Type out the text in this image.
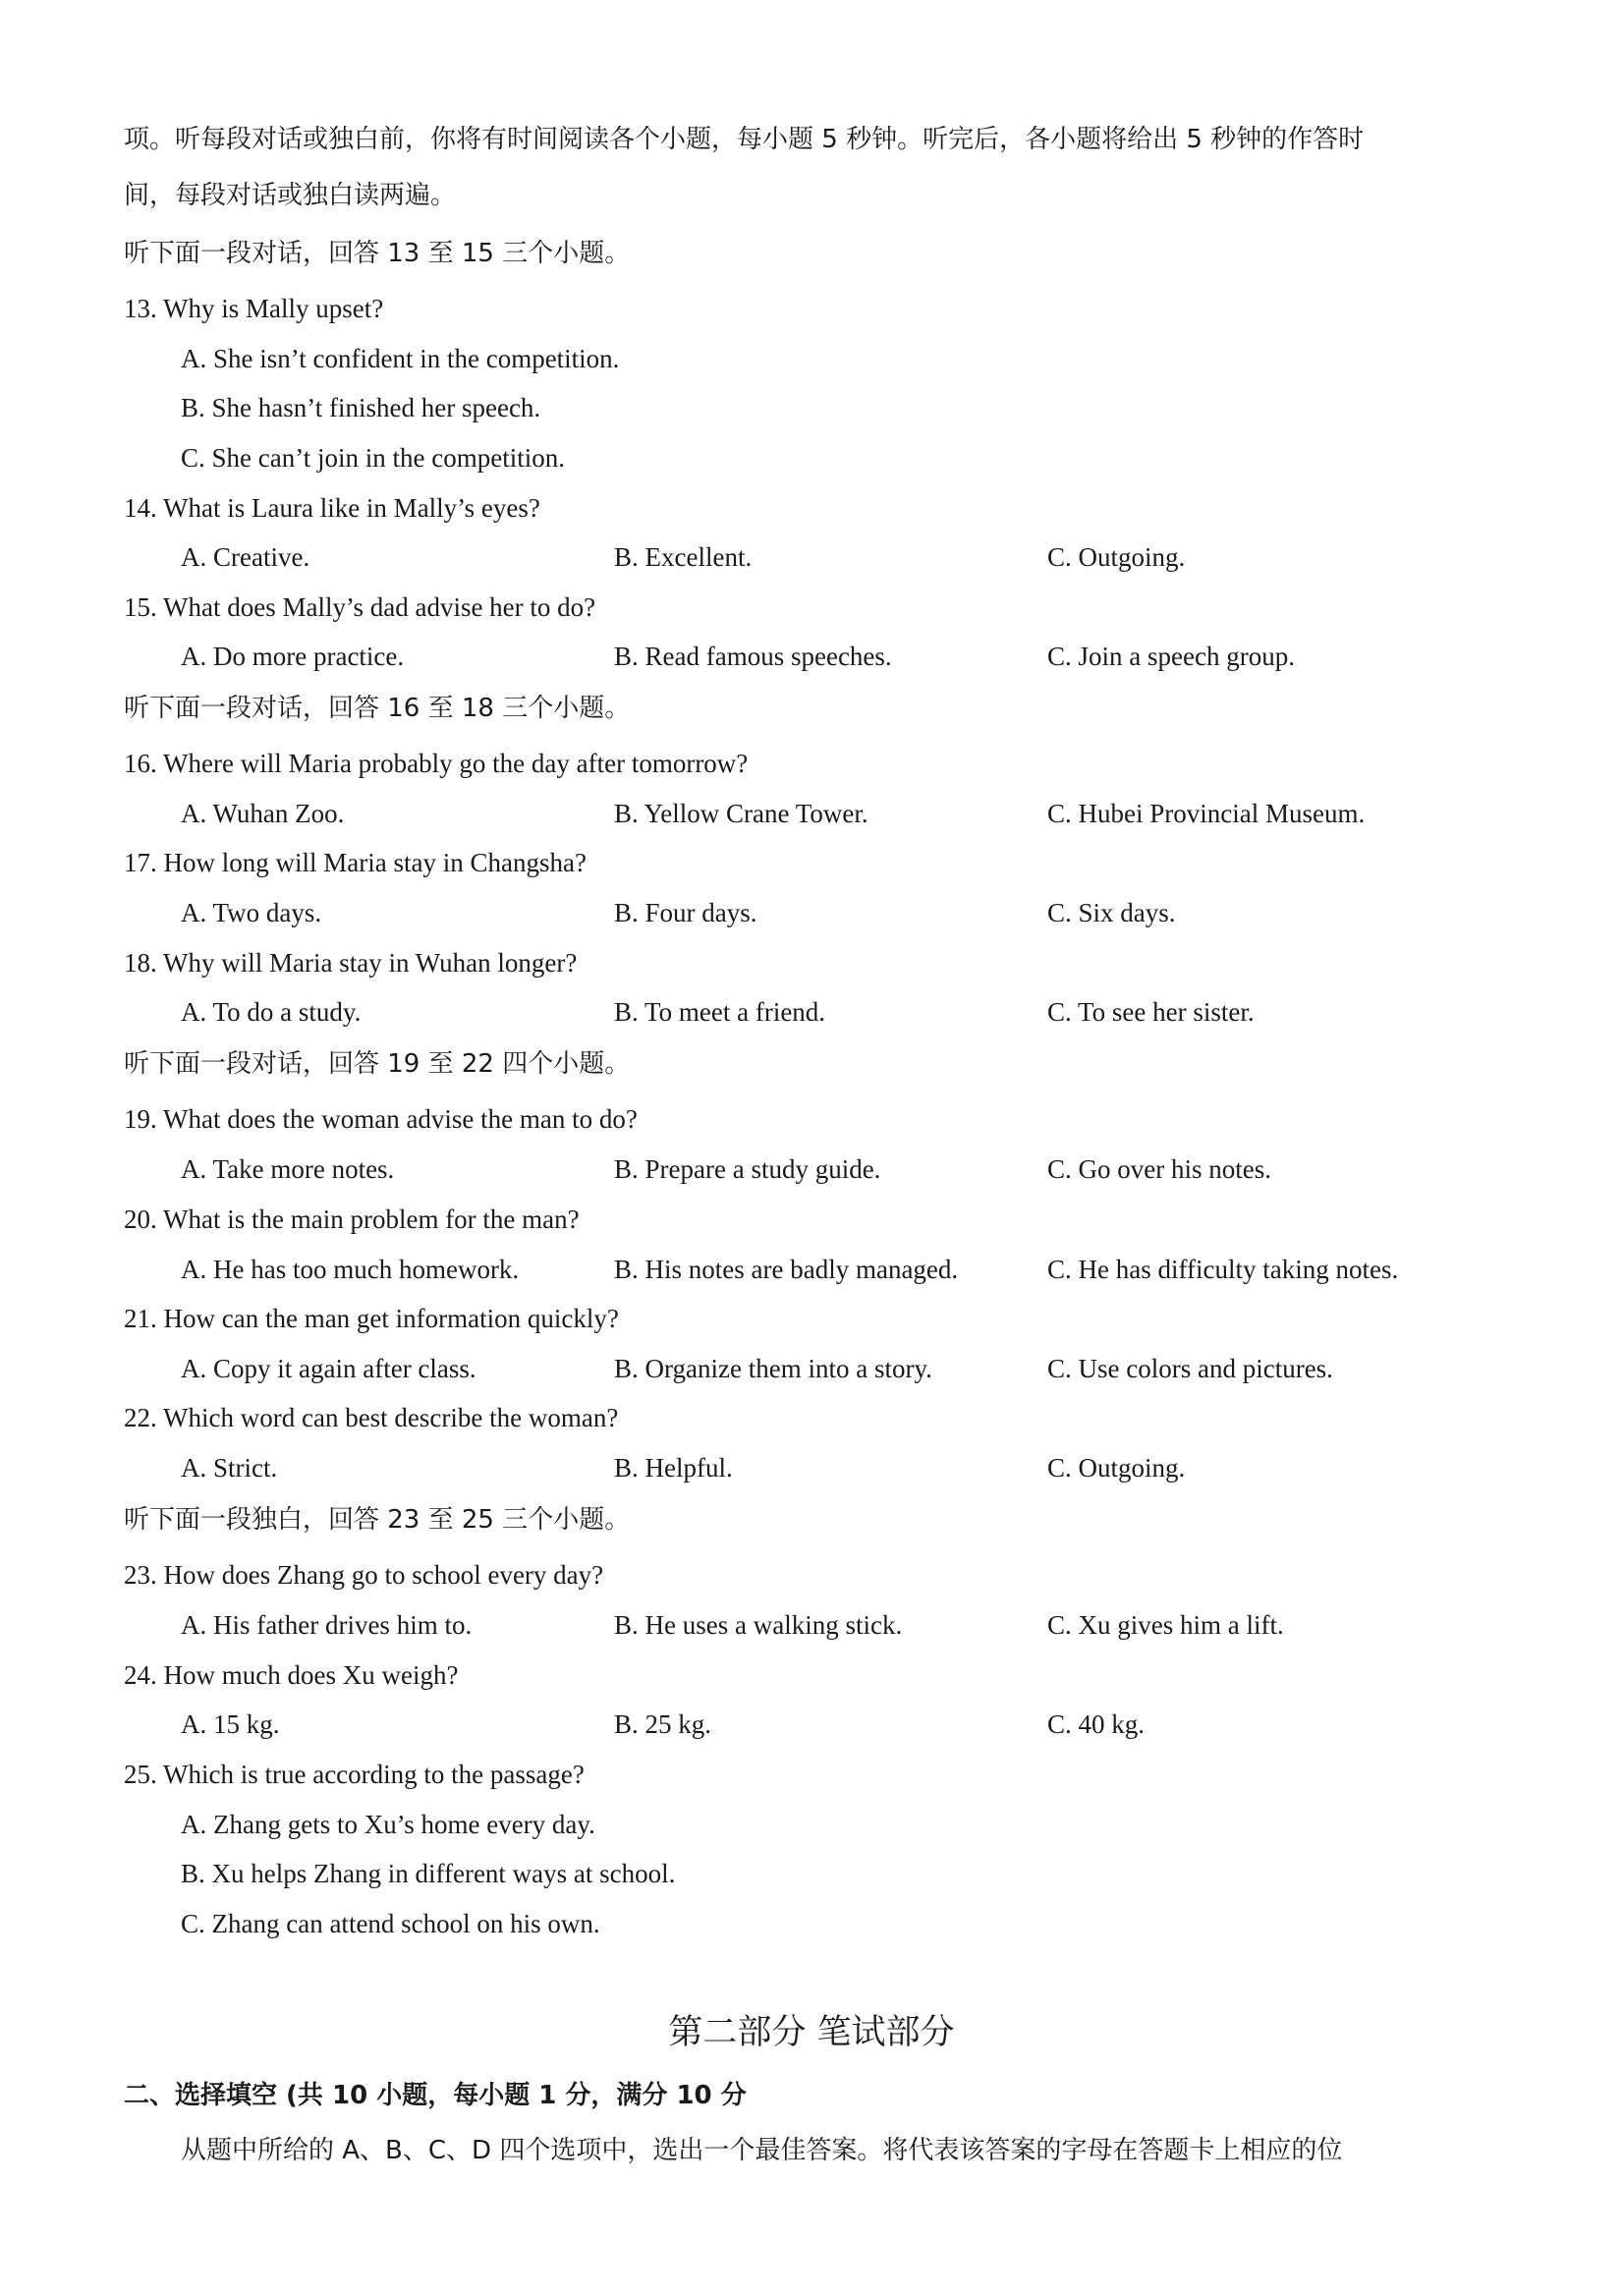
项。听每段对话或独白前，你将有时间阅读各个小题，每小题 5 秒钟。听完后，各小题将给出 5 秒钟的作答时
间，每段对话或独白读两遍。
听下面一段对话，回答 13 至 15 三个小题。
13. Why is Mally upset?
A. She isn’t confident in the competition.
B. She hasn’t finished her speech.
C. She can’t join in the competition.
14. What is Laura like in Mally’s eyes?
A. Creative.	B. Excellent.	C. Outgoing.
15. What does Mally’s dad advise her to do?
A. Do more practice.	B. Read famous speeches.	C. Join a speech group.
听下面一段对话，回答 16 至 18 三个小题。
16. Where will Maria probably go the day after tomorrow?
A. Wuhan Zoo.	B. Yellow Crane Tower.	C. Hubei Provincial Museum.
17. How long will Maria stay in Changsha?
A. Two days.	B. Four days.	C. Six days.
18. Why will Maria stay in Wuhan longer?
A. To do a study.	B. To meet a friend.	C. To see her sister.
听下面一段对话，回答 19 至 22 四个小题。
19. What does the woman advise the man to do?
A. Take more notes.	B. Prepare a study guide.	C. Go over his notes.
20. What is the main problem for the man?
A. He has too much homework.	B. His notes are badly managed.	C. He has difficulty taking notes.
21. How can the man get information quickly?
A. Copy it again after class.	B. Organize them into a story.	C. Use colors and pictures.
22. Which word can best describe the woman?
A. Strict.	B. Helpful.	C. Outgoing.
听下面一段独白，回答 23 至 25 三个小题。
23. How does Zhang go to school every day?
A. His father drives him to.	B. He uses a walking stick.	C. Xu gives him a lift.
24. How much does Xu weigh?
A. 15 kg.	B. 25 kg.	C. 40 kg.
25. Which is true according to the passage?
A. Zhang gets to Xu’s home every day.
B. Xu helps Zhang in different ways at school.
C. Zhang can attend school on his own.
第二部分 笔试部分
二、选择填空 (共 10 小题，每小题 1 分，满分 10 分
从题中所给的 A、B、C、D 四个选项中，选出一个最佳答案。将代表该答案的字母在答题卡上相应的位
